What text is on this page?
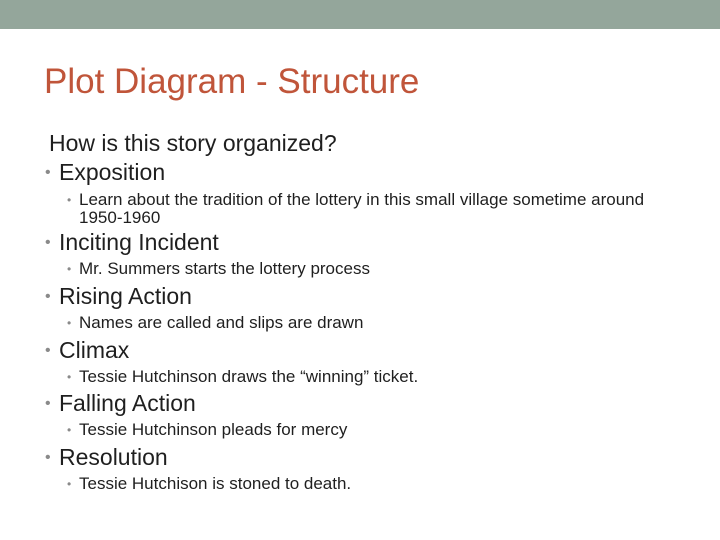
Plot Diagram - Structure
How is this story organized?
• Exposition
• Learn about the tradition of the lottery in this small village sometime around 1950-1960
• Inciting Incident
• Mr. Summers starts the lottery process
• Rising Action
• Names are called and slips are drawn
• Climax
• Tessie Hutchinson draws the “winning” ticket.
• Falling Action
• Tessie Hutchinson pleads for mercy
• Resolution
• Tessie Hutchison is stoned to death.
